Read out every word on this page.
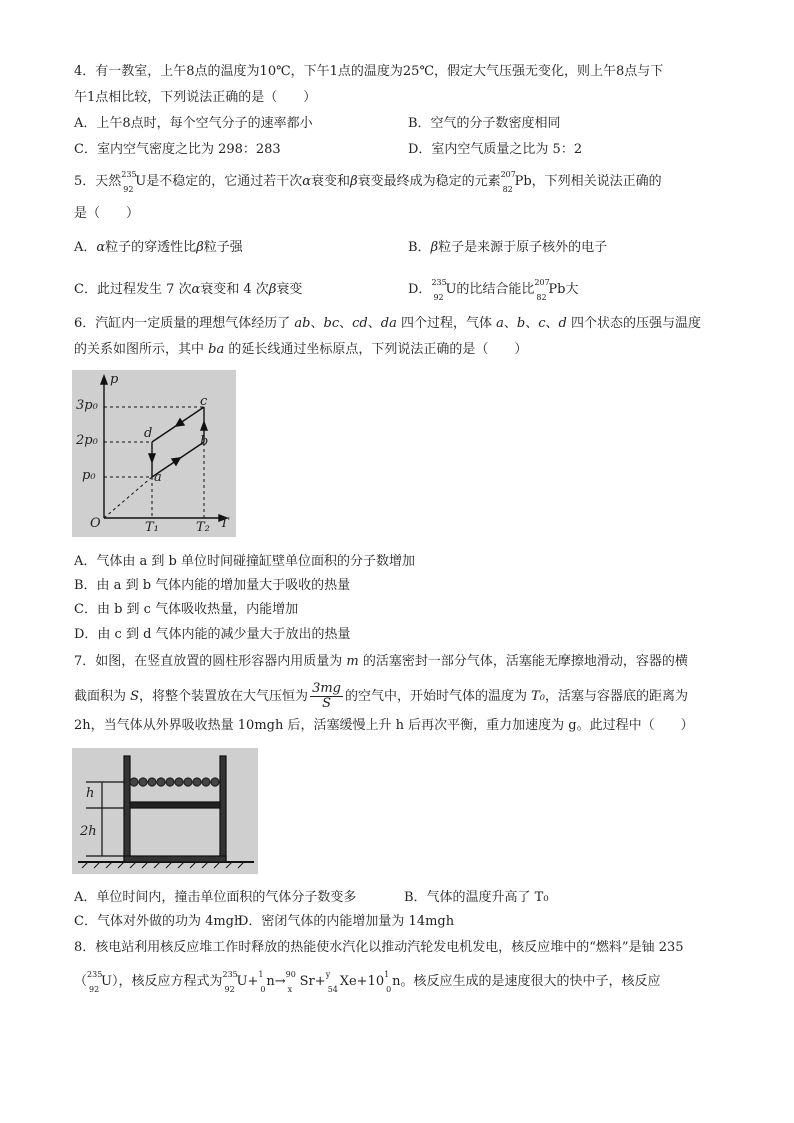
4．有一教室，上午8点的温度为10℃，下午1点的温度为25℃，假定大气压强无变化，则上午8点与下
午1点相比较，下列说法正确的是（　　）
A．上午8点时，每个空气分子的速率都小	B．空气的分子数密度相同
C．室内空气密度之比为 298：283	D．室内空气质量之比为 5：2
5．天然 235
92
U是不稳定的，它通过若干次α衰变和β衰变最终成为稳定的元素 207
82
Pb，下列相关说法正确的
是（　　）
A．α粒子的穿透性比β粒子强	B．β粒子是来源于原子核外的电子
C．此过程发生 7 次α衰变和 4 次β衰变	D． 235
92
U的比结合能比 207
82
Pb大
6．汽缸内一定质量的理想气体经历了 ab、bc、cd、da 四个过程，气体 a、b、c、d 四个状态的压强与温度
的关系如图所示，其中 ba 的延长线通过坐标原点，下列说法正确的是（　　）
p
T
O
3p₀
2p₀
p₀
T₁	T₂
a
b
c
d
A．气体由 a 到 b 单位时间碰撞缸壁单位面积的分子数增加
B．由 a 到 b 气体内能的增加量大于吸收的热量
C．由 b 到 c 气体吸收热量，内能增加
D．由 c 到 d 气体内能的减少量大于放出的热量
7．如图，在竖直放置的圆柱形容器内用质量为 m 的活塞密封一部分气体，活塞能无摩擦地滑动，容器的横
截面积为 S，将整个装置放在大气压恒为 $\frac{3mg}{S}$ 的空气中，开始时气体的温度为 T₀，活塞与容器底的距离为
2h，当气体从外界吸收热量 10mgh 后，活塞缓慢上升 h 后再次平衡，重力加速度为 g。此过程中（　　）
h
2h
A．单位时间内，撞击单位面积的气体分子数变多	B．气体的温度升高了 T₀
C．气体对外做的功为 4mgh
D．密闭气体的内能增加量为 14mgh
8．核电站利用核反应堆工作时释放的热能使水汽化以推动汽轮发电机发电，核反应堆中的“燃料”是铀 235
（ 235
92
U），核反应方程式为 235
92
U+ 1
0
n→ 90
x
Sr+ y
54
Xe+10 1
0
n。核反应生成的是速度很大的快中子，核反应
